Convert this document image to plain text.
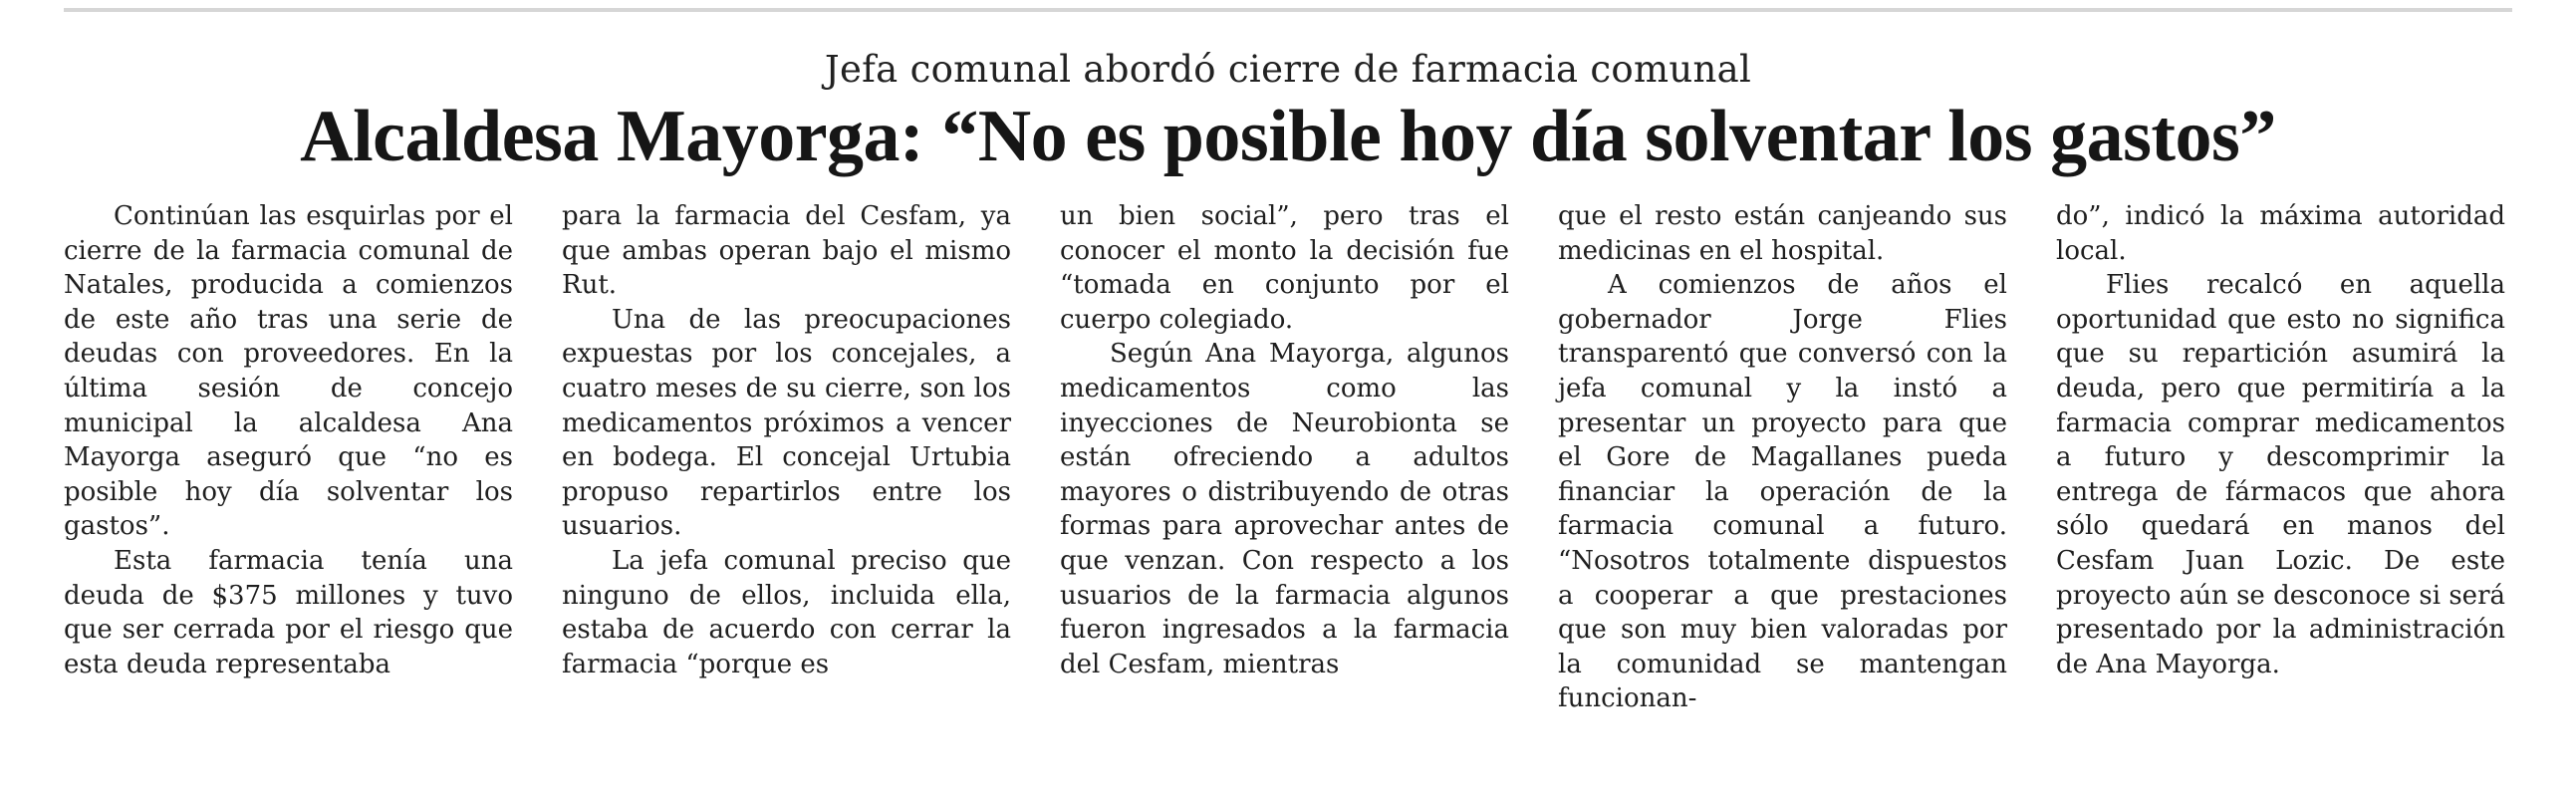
Jefa comunal abordó cierre de farmacia comunal
Alcaldesa Mayorga: “No es posible hoy día solventar los gastos”

Continúan las esquirlas por el cierre de la farmacia comunal de Natales, producida a comienzos de este año tras una serie de deudas con proveedores. En la última sesión de concejo municipal la alcaldesa Ana Mayorga aseguró que “no es posible hoy día solventar los gastos”.

Esta farmacia tenía una deuda de $375 millones y tuvo que ser cerrada por el riesgo que esta deuda representaba

para la farmacia del Cesfam, ya que ambas operan bajo el mismo Rut.

Una de las preocupaciones expuestas por los concejales, a cuatro meses de su cierre, son los medicamentos próximos a vencer en bodega. El concejal Urtubia propuso repartirlos entre los usuarios.

La jefa comunal preciso que ninguno de ellos, incluida ella, estaba de acuerdo con cerrar la farmacia “porque es

un bien social”, pero tras el conocer el monto la decisión fue “tomada en conjunto por el cuerpo colegiado.

Según Ana Mayorga, algunos medicamentos como las inyecciones de Neurobionta se están ofreciendo a adultos mayores o distribuyendo de otras formas para aprovechar antes de que venzan. Con respecto a los usuarios de la farmacia algunos fueron ingresados a la farmacia del Cesfam, mientras

que el resto están canjeando sus medicinas en el hospital.

A comienzos de años el gobernador Jorge Flies transparentó que conversó con la jefa comunal y la instó a presentar un proyecto para que el Gore de Magallanes pueda financiar la operación de la farmacia comunal a futuro. “Nosotros totalmente dispuestos a cooperar a que prestaciones que son muy bien valoradas por la comunidad se mantengan funcionan-

do”, indicó la máxima autoridad local.

Flies recalcó en aquella oportunidad que esto no significa que su repartición asumirá la deuda, pero que permitiría a la farmacia comprar medicamentos a futuro y descomprimir la entrega de fármacos que ahora sólo quedará en manos del Cesfam Juan Lozic. De este proyecto aún se desconoce si será presentado por la administración de Ana Mayorga.
